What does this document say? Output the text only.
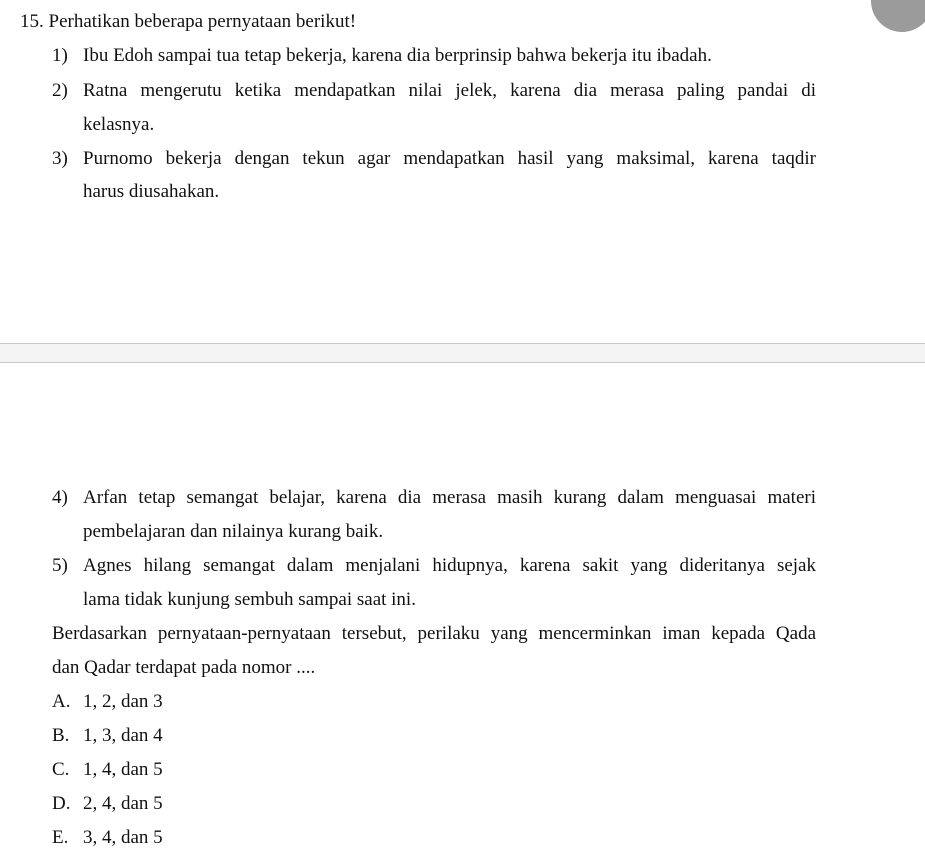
15. Perhatikan beberapa pernyataan berikut!
1) Ibu Edoh sampai tua tetap bekerja, karena dia berprinsip bahwa bekerja itu ibadah.
2) Ratna mengerutu ketika mendapatkan nilai jelek, karena dia merasa paling pandai di
kelasnya.
3) Purnomo bekerja dengan tekun agar mendapatkan hasil yang maksimal, karena taqdir
harus diusahakan.
4) Arfan tetap semangat belajar, karena dia merasa masih kurang dalam menguasai materi
pembelajaran dan nilainya kurang baik.
5) Agnes hilang semangat dalam menjalani hidupnya, karena sakit yang dideritanya sejak
lama tidak kunjung sembuh sampai saat ini.
Berdasarkan pernyataan-pernyataan tersebut, perilaku yang mencerminkan iman kepada Qada
dan Qadar terdapat pada nomor ....
A. 1, 2, dan 3
B. 1, 3, dan 4
C. 1, 4, dan 5
D. 2, 4, dan 5
E. 3, 4, dan 5
